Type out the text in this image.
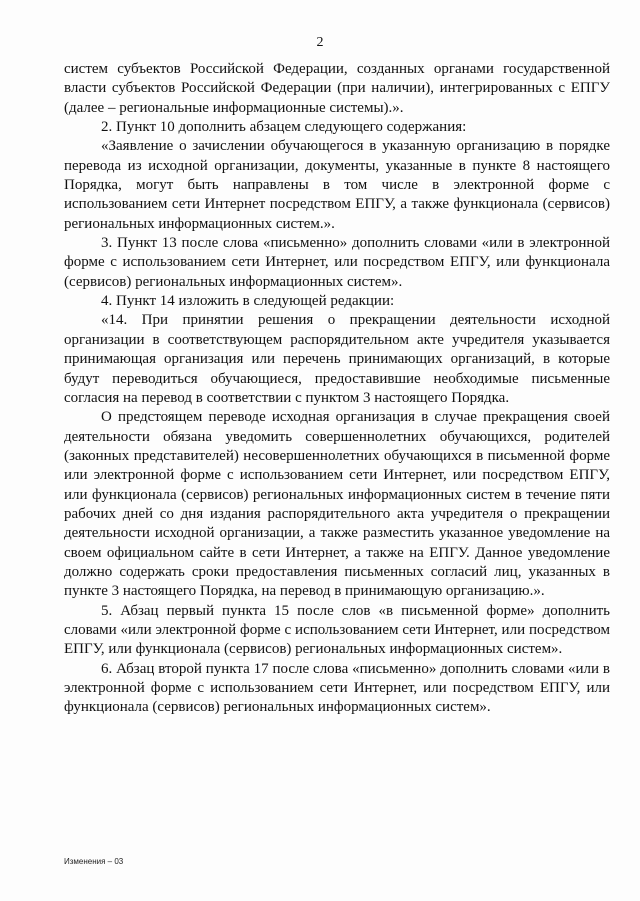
2

систем субъектов Российской Федерации, созданных органами государственной власти субъектов Российской Федерации (при наличии), интегрированных с ЕПГУ (далее – региональные информационные системы).».

2. Пункт 10 дополнить абзацем следующего содержания:

«Заявление о зачислении обучающегося в указанную организацию в порядке перевода из исходной организации, документы, указанные в пункте 8 настоящего Порядка, могут быть направлены в том числе в электронной форме с использованием сети Интернет посредством ЕПГУ, а также функционала (сервисов) региональных информационных систем.».

3. Пункт 13 после слова «письменно» дополнить словами «или в электронной форме с использованием сети Интернет, или посредством ЕПГУ, или функционала (сервисов) региональных информационных систем».

4. Пункт 14 изложить в следующей редакции:

«14. При принятии решения о прекращении деятельности исходной организации в соответствующем распорядительном акте учредителя указывается принимающая организация или перечень принимающих организаций, в которые будут переводиться обучающиеся, предоставившие необходимые письменные согласия на перевод в соответствии с пунктом 3 настоящего Порядка.

О предстоящем переводе исходная организация в случае прекращения своей деятельности обязана уведомить совершеннолетних обучающихся, родителей (законных представителей) несовершеннолетних обучающихся в письменной форме или электронной форме с использованием сети Интернет, или посредством ЕПГУ, или функционала (сервисов) региональных информационных систем в течение пяти рабочих дней со дня издания распорядительного акта учредителя о прекращении деятельности исходной организации, а также разместить указанное уведомление на своем официальном сайте в сети Интернет, а также на ЕПГУ. Данное уведомление должно содержать сроки предоставления письменных согласий лиц, указанных в пункте 3 настоящего Порядка, на перевод в принимающую организацию.».

5. Абзац первый пункта 15 после слов «в письменной форме» дополнить словами «или электронной форме с использованием сети Интернет, или посредством ЕПГУ, или функционала (сервисов) региональных информационных систем».

6. Абзац второй пункта 17 после слова «письменно» дополнить словами «или в электронной форме с использованием сети Интернет, или посредством ЕПГУ, или функционала (сервисов) региональных информационных систем».

Изменения – 03
